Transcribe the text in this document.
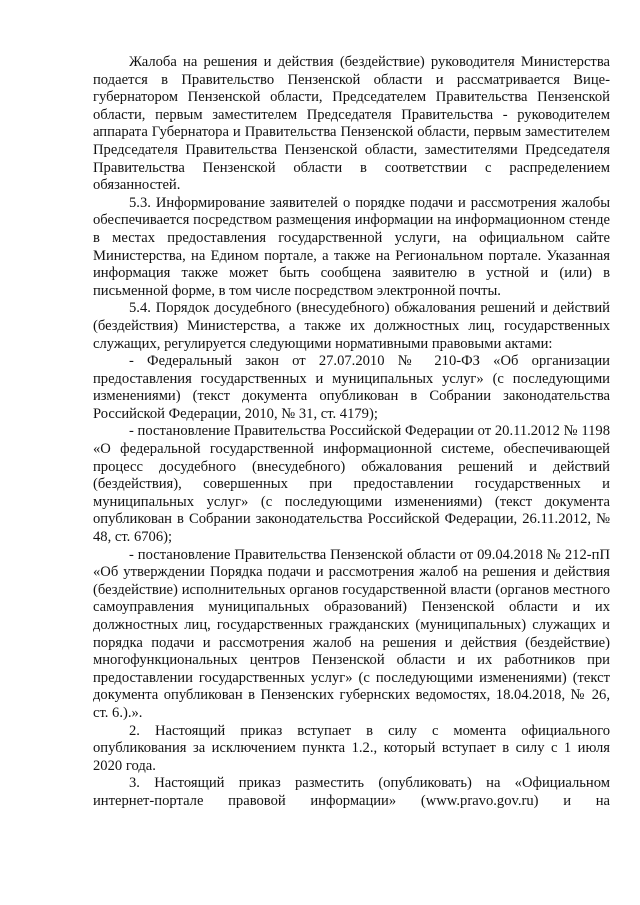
Жалоба на решения и действия (бездействие) руководителя Министерства подается в Правительство Пензенской области и рассматривается Вице-губернатором Пензенской области, Председателем Правительства Пензенской области, первым заместителем Председателя Правительства - руководителем аппарата Губернатора и Правительства Пензенской области, первым заместителем Председателя Правительства Пензенской области, заместителями Председателя Правительства Пензенской области в соответствии с распределением обязанностей.

5.3. Информирование заявителей о порядке подачи и рассмотрения жалобы обеспечивается посредством размещения информации на информационном стенде в местах предоставления государственной услуги, на официальном сайте Министерства, на Едином портале, а также на Региональном портале. Указанная информация также может быть сообщена заявителю в устной и (или) в письменной форме, в том числе посредством электронной почты.

5.4. Порядок досудебного (внесудебного) обжалования решений и действий (бездействия) Министерства, а также их должностных лиц, государственных служащих, регулируется следующими нормативными правовыми актами:

- Федеральный закон от 27.07.2010 № 210-ФЗ «Об организации предоставления государственных и муниципальных услуг» (с последующими изменениями) (текст документа опубликован в Собрании законодательства Российской Федерации, 2010, № 31, ст. 4179);

- постановление Правительства Российской Федерации от 20.11.2012 № 1198 «О федеральной государственной информационной системе, обеспечивающей процесс досудебного (внесудебного) обжалования решений и действий (бездействия), совершенных при предоставлении государственных и муниципальных услуг» (с последующими изменениями) (текст документа опубликован в Собрании законодательства Российской Федерации, 26.11.2012, № 48, ст. 6706);

- постановление Правительства Пензенской области от 09.04.2018 № 212-пП «Об утверждении Порядка подачи и рассмотрения жалоб на решения и действия (бездействие) исполнительных органов государственной власти (органов местного самоуправления муниципальных образований) Пензенской области и их должностных лиц, государственных гражданских (муниципальных) служащих и порядка подачи и рассмотрения жалоб на решения и действия (бездействие) многофункциональных центров Пензенской области и их работников при предоставлении государственных услуг» (с последующими изменениями) (текст документа опубликован в Пензенских губернских ведомостях, 18.04.2018, № 26, ст. 6.).».

2. Настоящий приказ вступает в силу с момента официального опубликования за исключением пункта 1.2., который вступает в силу с 1 июля 2020 года.

3. Настоящий приказ разместить (опубликовать) на «Официальном интернет-портале правовой информации» (www.pravo.gov.ru) и на
